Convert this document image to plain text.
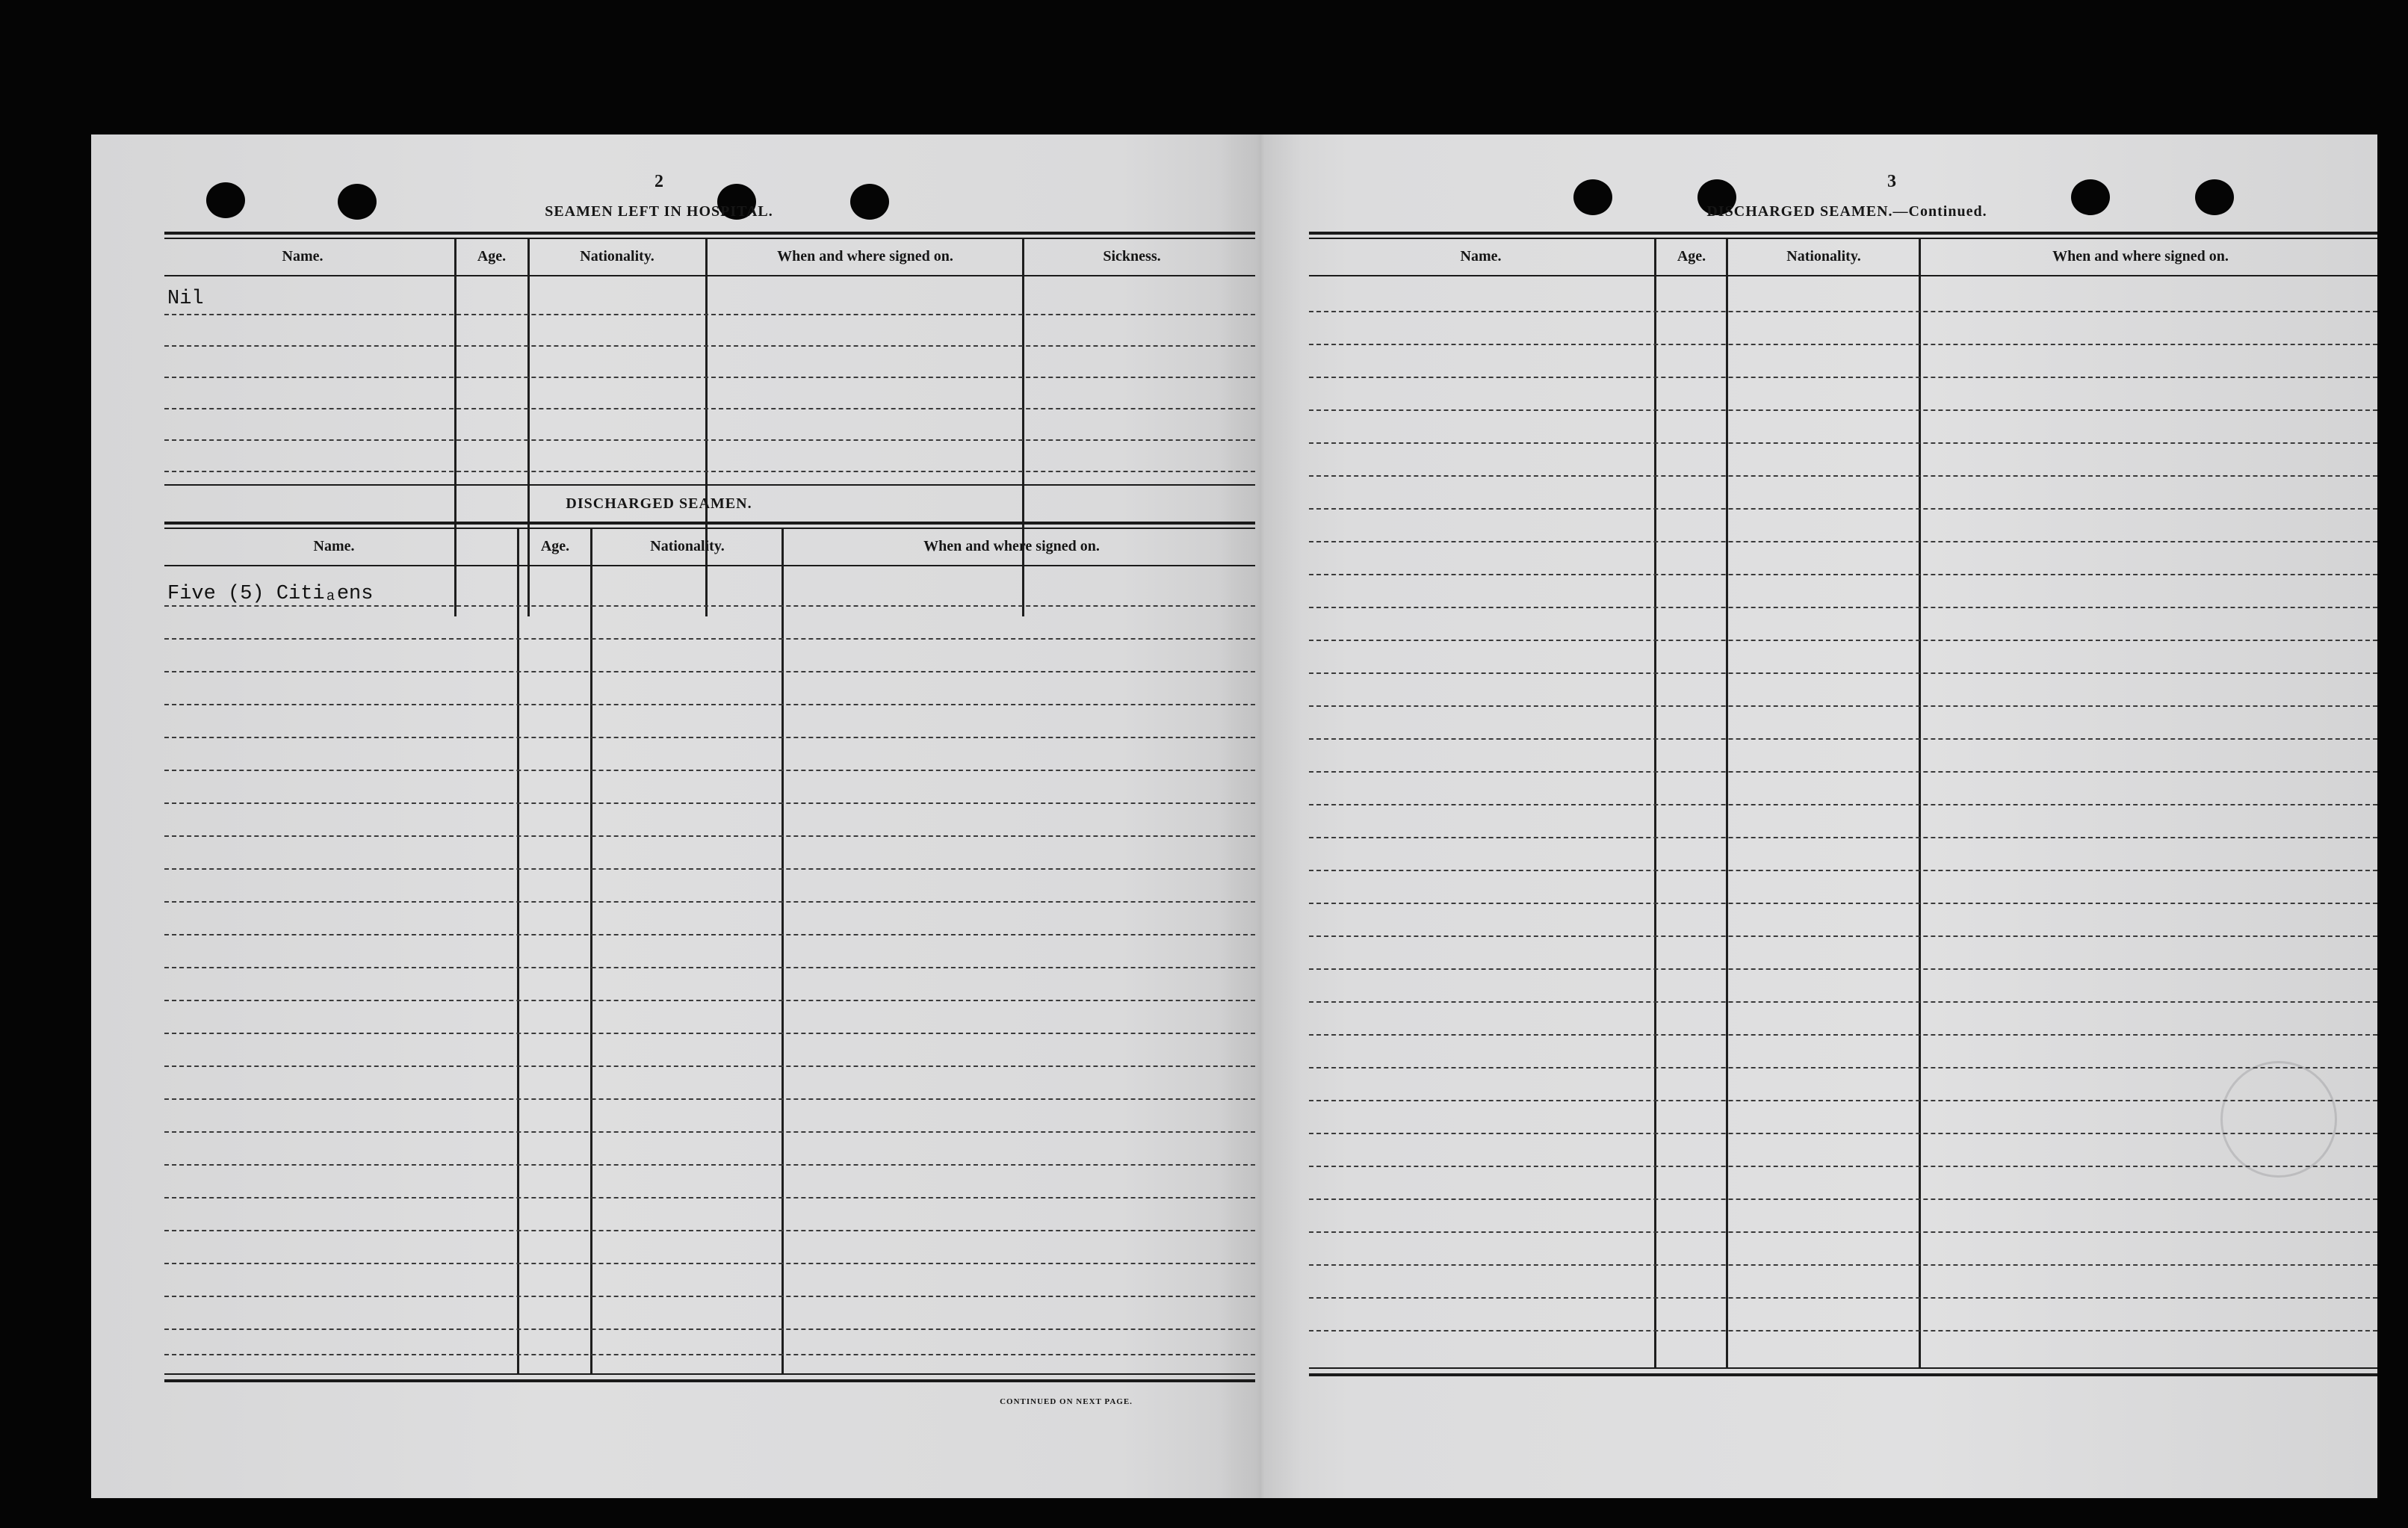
2
SEAMEN LEFT IN HOSPITAL.
Name.	Age.	Nationality.	When and where signed on.	Sickness.
Nil
DISCHARGED SEAMEN.
Name.	Age.	Nationality.	When and where signed on.
Five (5) Citiₐens
CONTINUED ON NEXT PAGE.
3
DISCHARGED SEAMEN.—Continued.
Name.	Age.	Nationality.	When and where signed on.
